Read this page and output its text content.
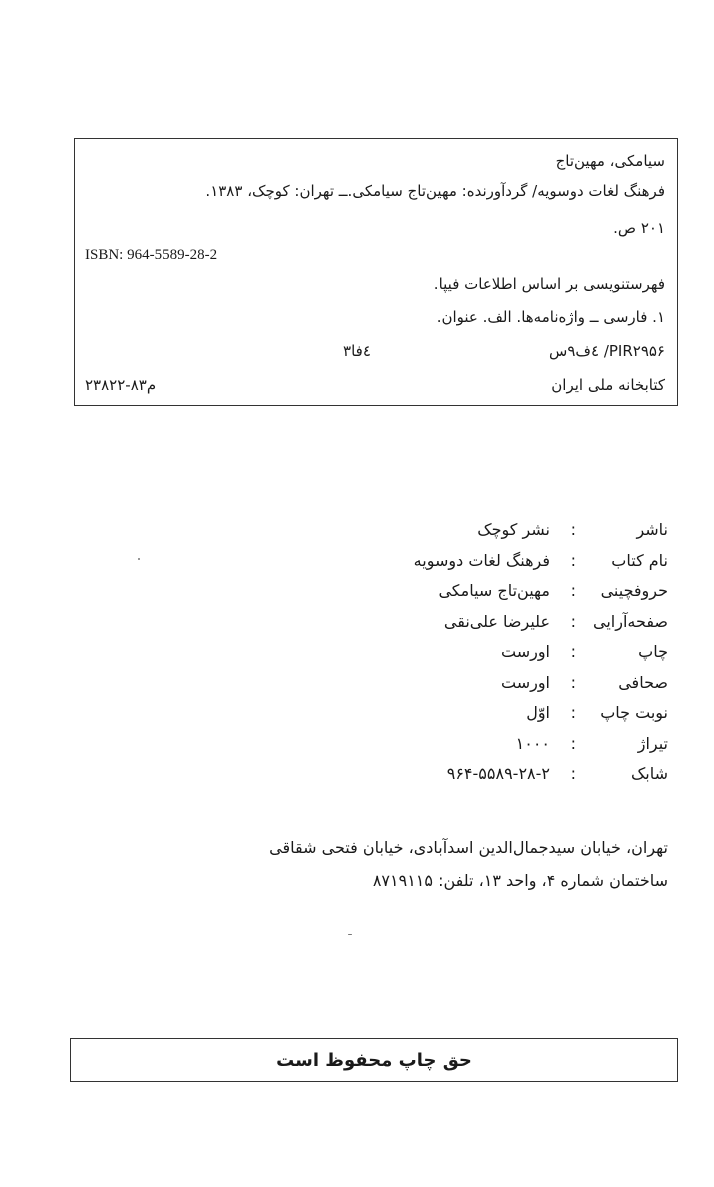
سیامکی، مهین‌تاج
فرهنگ لغات دوسویه/ گردآورنده: مهین‌تاج سیامکی.ــ تهران: کوچک، ۱۳۸۳.
۲۰۱ ص.
ISBN: 964-5589-28-2
فهرستنویسی بر اساس اطلاعات فیپا.
۱. فارسی ــ واژه‌نامه‌ها. الف. عنوان.
PIR۲۹۵۶/ ٤ف۹س
٤فا۳
کتابخانه ملی ایران
م۸۳-۲۳۸۲۲
ناشر
:
نشر کوچک
نام کتاب
:
فرهنگ لغات دوسویه
حروفچینی
:
مهین‌تاج سیامکی
صفحه‌آرایی
:
علیرضا علی‌نقی
چاپ
:
اورست
صحافی
:
اورست
نوبت چاپ
:
اوّل
تیراژ
:
۱۰۰۰
شابک
:
۹۶۴-۵۵۸۹-۲۸-۲
تهران، خیابان سیدجمال‌الدین اسدآبادی، خیابان فتحی شقاقی
ساختمان شماره ۴، واحد ۱۳، تلفن: ۸۷۱۹۱۱۵
حق چاپ محفوظ است
